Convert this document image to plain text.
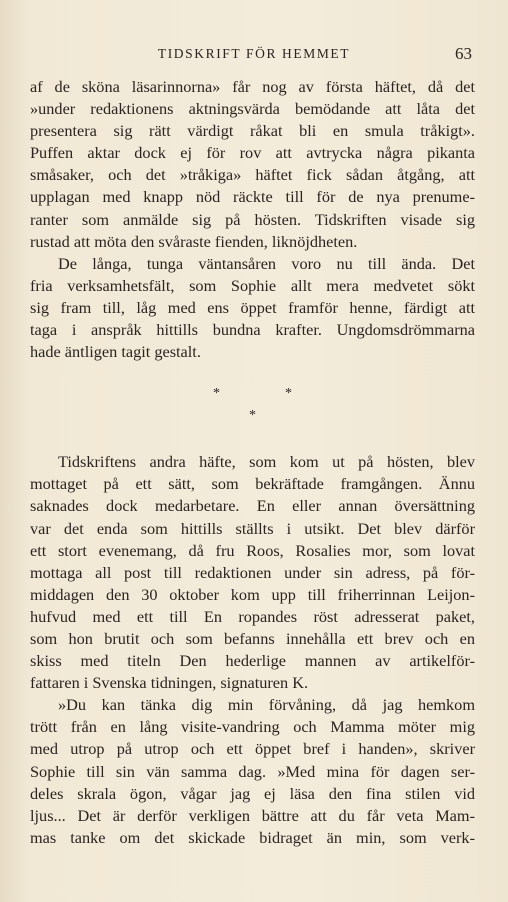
TIDSKRIFT FÖR HEMMET	63
af de sköna läsarinnorna» får nog av första häftet, då det
»under redaktionens aktningsvärda bemödande att låta det
presentera sig rätt värdigt råkat bli en smula tråkigt».
Puffen aktar dock ej för rov att avtrycka några pikanta
småsaker, och det »tråkiga» häftet fick sådan åtgång, att
upplagan med knapp nöd räckte till för de nya prenume-
ranter som anmälde sig på hösten. Tidskriften visade sig
rustad att möta den svåraste fienden, liknöjdheten.
De långa, tunga väntansåren voro nu till ända. Det
fria verksamhetsfält, som Sophie allt mera medvetet sökt
sig fram till, låg med ens öppet framför henne, färdigt att
taga i anspråk hittills bundna krafter. Ungdomsdrömmarna
hade äntligen tagit gestalt.
*	*
*
Tidskriftens andra häfte, som kom ut på hösten, blev
mottaget på ett sätt, som bekräftade framgången. Ännu
saknades dock medarbetare. En eller annan översättning
var det enda som hittills ställts i utsikt. Det blev därför
ett stort evenemang, då fru Roos, Rosalies mor, som lovat
mottaga all post till redaktionen under sin adress, på för-
middagen den 30 oktober kom upp till friherrinnan Leijon-
hufvud med ett till En ropandes röst adresserat paket,
som hon brutit och som befanns innehålla ett brev och en
skiss med titeln Den hederlige mannen av artikelför-
fattaren i Svenska tidningen, signaturen K.
»Du kan tänka dig min förvåning, då jag hemkom
trött från en lång visite-vandring och Mamma möter mig
med utrop på utrop och ett öppet bref i handen», skriver
Sophie till sin vän samma dag. »Med mina för dagen ser-
deles skrala ögon, vågar jag ej läsa den fina stilen vid
ljus... Det är derför verkligen bättre att du får veta Mam-
mas tanke om det skickade bidraget än min, som verk-
